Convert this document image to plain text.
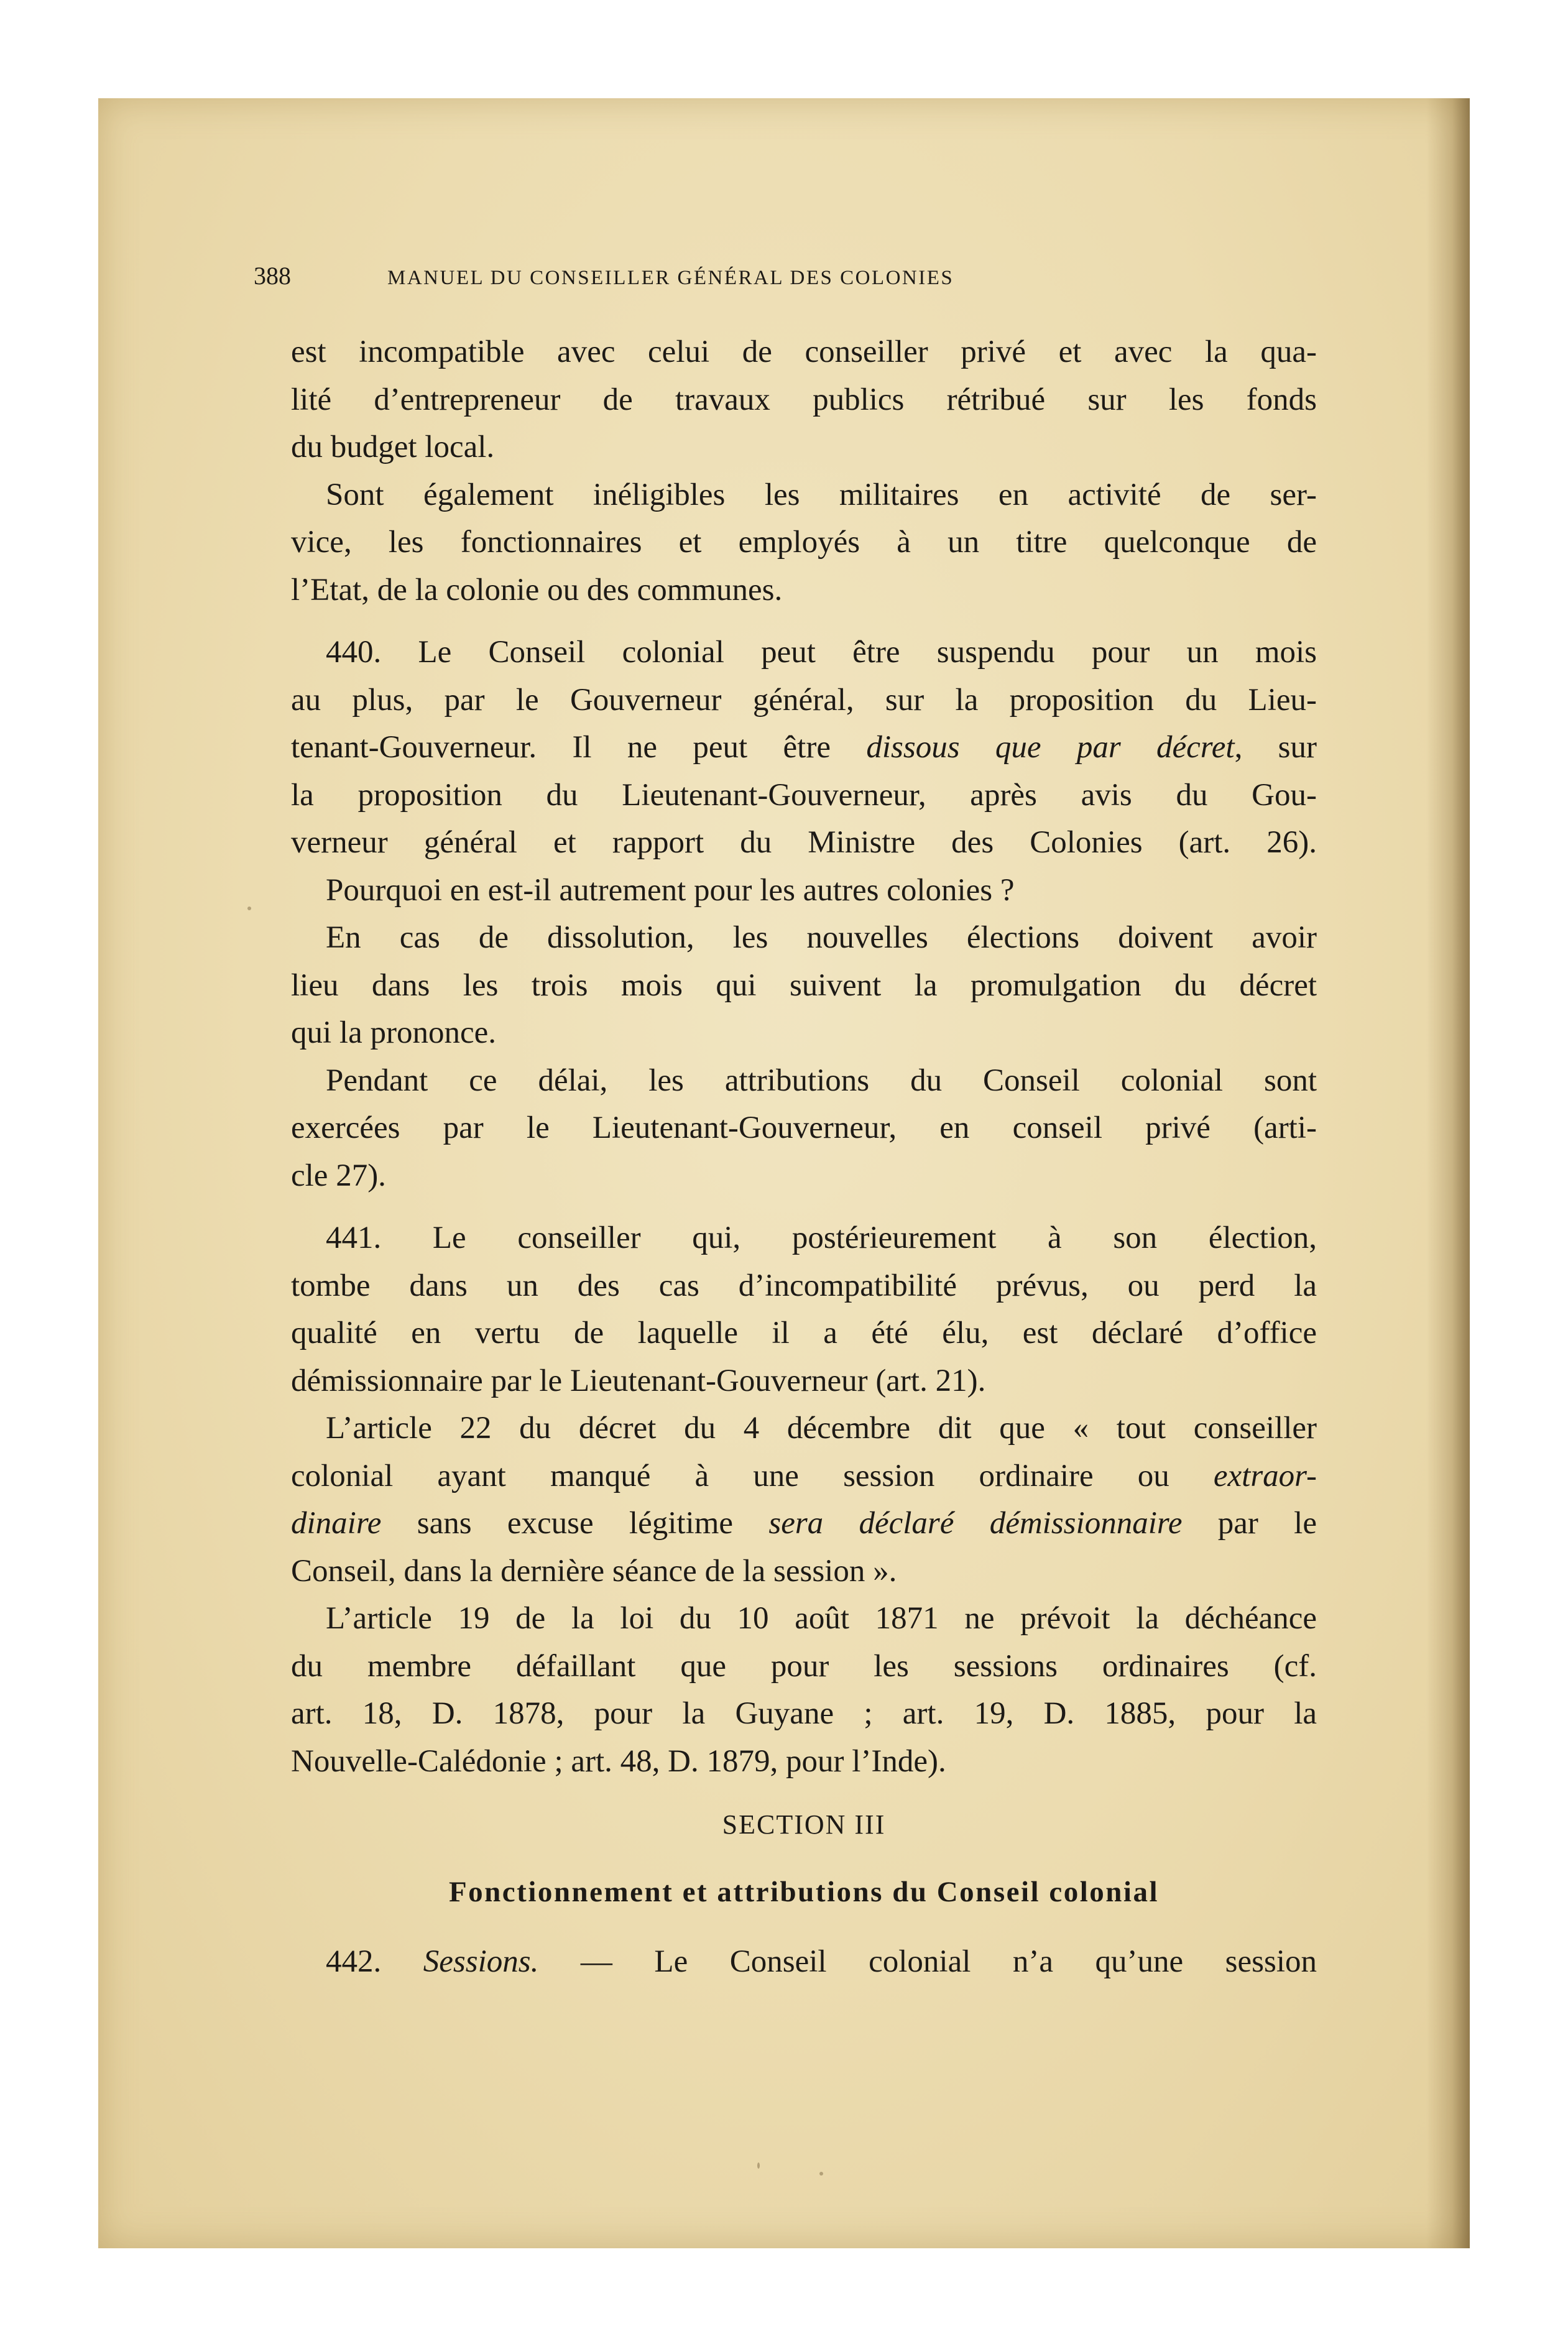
388	MANUEL DU CONSEILLER GÉNÉRAL DES COLONIES
est incompatible avec celui de conseiller privé et avec la qua-
lité d’entrepreneur de travaux publics rétribué sur les fonds
du budget local.
Sont également inéligibles les militaires en activité de ser-
vice, les fonctionnaires et employés à un titre quelconque de
l’Etat, de la colonie ou des communes.
440. Le Conseil colonial peut être suspendu pour un mois
au plus, par le Gouverneur général, sur la proposition du Lieu-
tenant-Gouverneur. Il ne peut être dissous que par décret, sur
la proposition du Lieutenant-Gouverneur, après avis du Gou-
verneur général et rapport du Ministre des Colonies (art. 26).
Pourquoi en est-il autrement pour les autres colonies ?
En cas de dissolution, les nouvelles élections doivent avoir
lieu dans les trois mois qui suivent la promulgation du décret
qui la prononce.
Pendant ce délai, les attributions du Conseil colonial sont
exercées par le Lieutenant-Gouverneur, en conseil privé (arti-
cle 27).
441. Le conseiller qui, postérieurement à son élection,
tombe dans un des cas d’incompatibilité prévus, ou perd la
qualité en vertu de laquelle il a été élu, est déclaré d’office
démissionnaire par le Lieutenant-Gouverneur (art. 21).
L’article 22 du décret du 4 décembre dit que « tout conseiller
colonial ayant manqué à une session ordinaire ou extraor-
dinaire sans excuse légitime sera déclaré démissionnaire par le
Conseil, dans la dernière séance de la session ».
L’article 19 de la loi du 10 août 1871 ne prévoit la déchéance
du membre défaillant que pour les sessions ordinaires (cf.
art. 18, D. 1878, pour la Guyane ; art. 19, D. 1885, pour la
Nouvelle-Calédonie ; art. 48, D. 1879, pour l’Inde).
SECTION III
Fonctionnement et attributions du Conseil colonial
442. Sessions. — Le Conseil colonial n’a qu’une session
